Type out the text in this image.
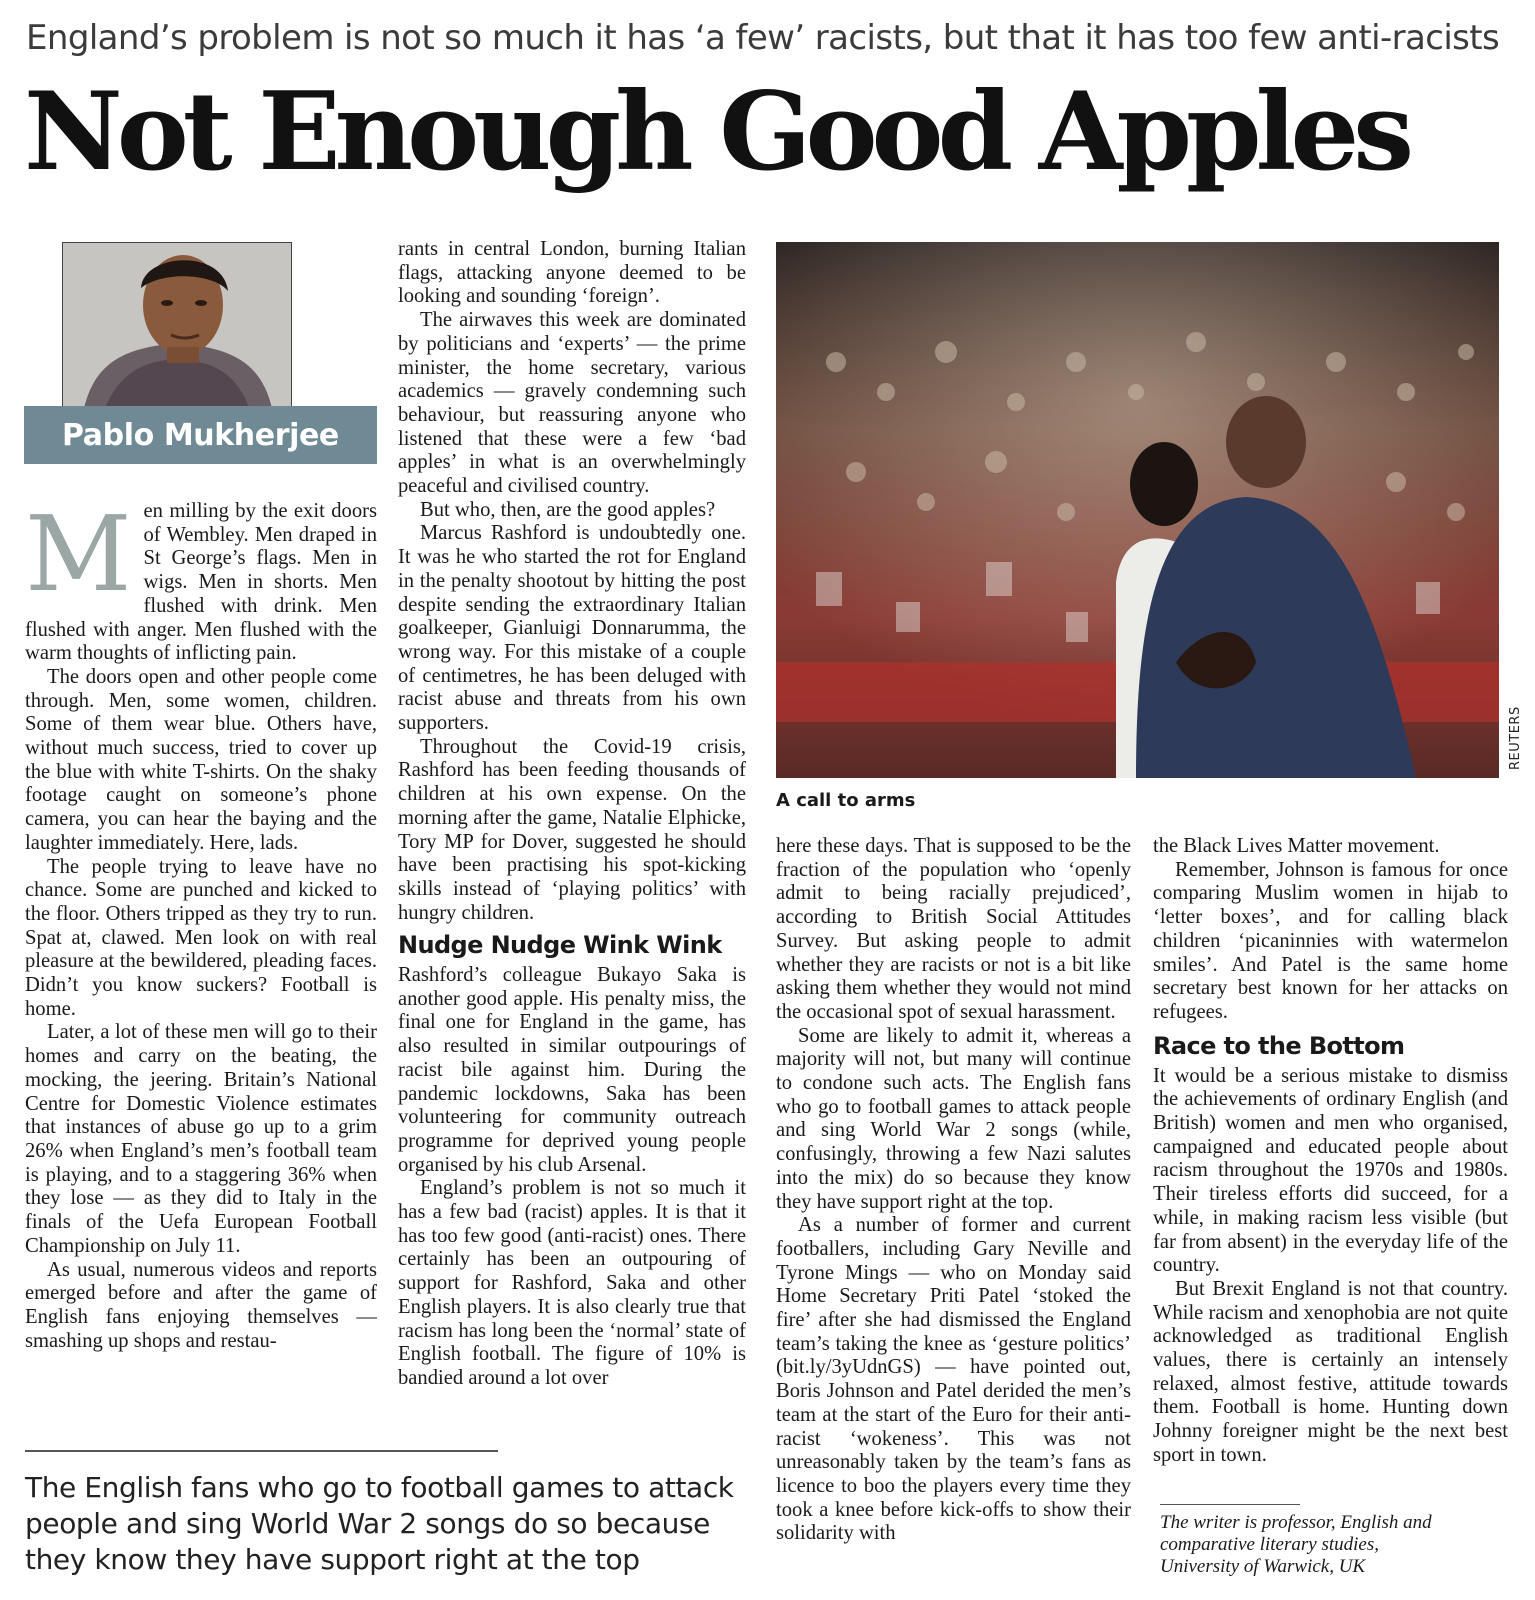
England’s problem is not so much it has ‘a few’ racists, but that it has too few anti-racists
Not Enough Good Apples
Pablo Mukherjee
M en milling by the exit doors of Wembley. Men draped in St George’s flags. Men in wigs. Men in shorts. Men flushed with drink. Men flushed with anger. Men flushed with the warm thoughts of inflicting pain.

The doors open and other people come through. Men, some women, children. Some of them wear blue. Others have, without much success, tried to cover up the blue with white T-shirts. On the shaky footage caught on someone’s phone camera, you can hear the baying and the laughter immediately. Here, lads.

The people trying to leave have no chance. Some are punched and kicked to the floor. Others tripped as they try to run. Spat at, clawed. Men look on with real pleasure at the bewildered, pleading faces. Didn’t you know suckers? Football is home.

Later, a lot of these men will go to their homes and carry on the beating, the mocking, the jeering. Britain’s National Centre for Domestic Violence estimates that instances of abuse go up to a grim 26% when England’s men’s football team is playing, and to a staggering 36% when they lose — as they did to Italy in the finals of the Uefa European Football Championship on July 11.

As usual, numerous videos and reports emerged before and after the game of English fans enjoying themselves — smashing up shops and restau-

rants in central London, burning Italian flags, attacking anyone deemed to be looking and sounding ‘foreign’.

The airwaves this week are dominated by politicians and ‘experts’ — the prime minister, the home secretary, various academics — gravely condemning such behaviour, but reassuring anyone who listened that these were a few ‘bad apples’ in what is an overwhelmingly peaceful and civilised country.

But who, then, are the good apples?

Marcus Rashford is undoubtedly one. It was he who started the rot for England in the penalty shootout by hitting the post despite sending the extraordinary Italian goalkeeper, Gianluigi Donnarumma, the wrong way. For this mistake of a couple of centimetres, he has been deluged with racist abuse and threats from his own supporters.

Throughout the Covid-19 crisis, Rashford has been feeding thousands of children at his own expense. On the morning after the game, Natalie Elphicke, Tory MP for Dover, suggested he should have been practising his spot-kicking skills instead of ‘playing politics’ with hungry children.

Nudge Nudge Wink Wink

Rashford’s colleague Bukayo Saka is another good apple. His penalty miss, the final one for England in the game, has also resulted in similar outpourings of racist bile against him. During the pandemic lockdowns, Saka has been volunteering for community outreach programme for deprived young people organised by his club Arsenal.

England’s problem is not so much it has a few bad (racist) apples. It is that it has too few good (anti-racist) ones. There certainly has been an outpouring of support for Rashford, Saka and other English players. It is also clearly true that racism has long been the ‘normal’ state of English football. The figure of 10% is bandied around a lot over

REUTERS
A call to arms

here these days. That is supposed to be the fraction of the population who ‘openly admit to being racially prejudiced’, according to British Social Attitudes Survey. But asking people to admit whether they are racists or not is a bit like asking them whether they would not mind the occasional spot of sexual harassment.

Some are likely to admit it, whereas a majority will not, but many will continue to condone such acts. The English fans who go to football games to attack people and sing World War 2 songs (while, confusingly, throwing a few Nazi salutes into the mix) do so because they know they have support right at the top.

As a number of former and current footballers, including Gary Neville and Tyrone Mings — who on Monday said Home Secretary Priti Patel ‘stoked the fire’ after she had dismissed the England team’s taking the knee as ‘gesture politics’ (bit.ly/3yUdnGS) — have pointed out, Boris Johnson and Patel derided the men’s team at the start of the Euro for their anti-racist ‘wokeness’. This was not unreasonably taken by the team’s fans as licence to boo the players every time they took a knee before kick-offs to show their solidarity with

the Black Lives Matter movement.

Remember, Johnson is famous for once comparing Muslim women in hijab to ‘letter boxes’, and for calling black children ‘picaninnies with watermelon smiles’. And Patel is the same home secretary best known for her attacks on refugees.

Race to the Bottom

It would be a serious mistake to dismiss the achievements of ordinary English (and British) women and men who organised, campaigned and educated people about racism throughout the 1970s and 1980s. Their tireless efforts did succeed, for a while, in making racism less visible (but far from absent) in the everyday life of the country.

But Brexit England is not that country. While racism and xenophobia are not quite acknowledged as traditional English values, there is certainly an intensely relaxed, almost festive, attitude towards them. Football is home. Hunting down Johnny foreigner might be the next best sport in town.

The English fans who go to football games to attack people and sing World War 2 songs do so because they know they have support right at the top
The writer is professor, English and
comparative literary studies,
University of Warwick, UK
